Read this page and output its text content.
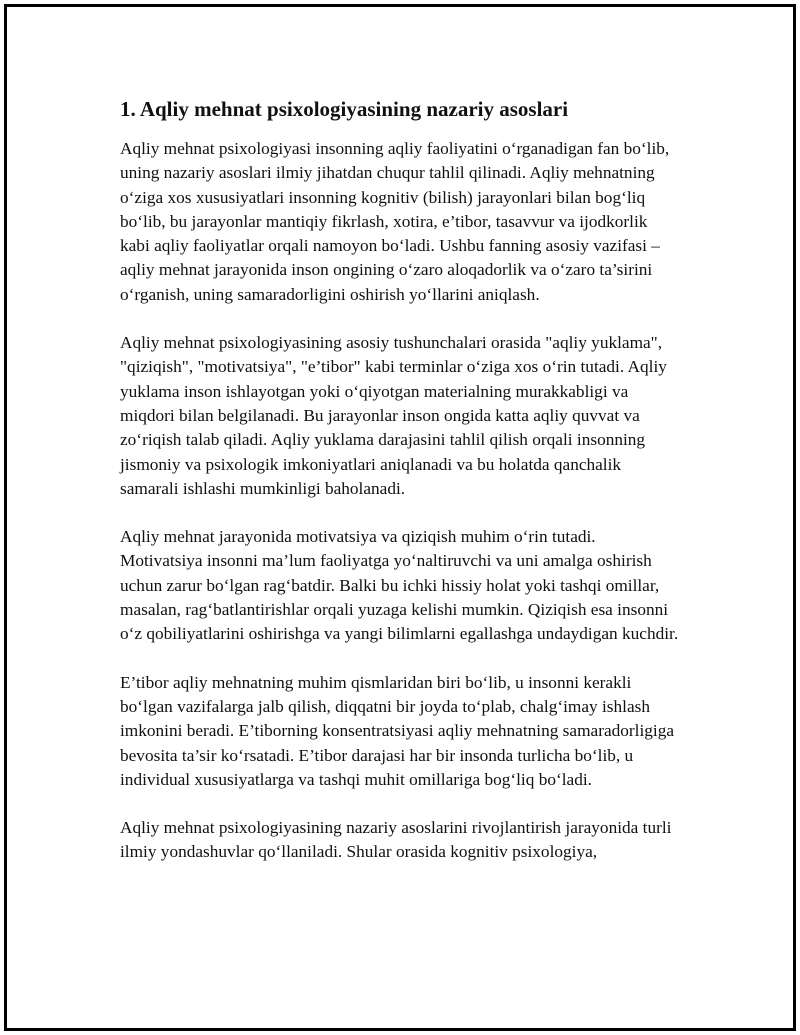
1. Aqliy mehnat psixologiyasining nazariy asoslari

Aqliy mehnat psixologiyasi insonning aqliy faoliyatini o‘rganadigan fan bo‘lib, uning nazariy asoslari ilmiy jihatdan chuqur tahlil qilinadi. Aqliy mehnatning o‘ziga xos xususiyatlari insonning kognitiv (bilish) jarayonlari bilan bog‘liq bo‘lib, bu jarayonlar mantiqiy fikrlash, xotira, e’tibor, tasavvur va ijodkorlik kabi aqliy faoliyatlar orqali namoyon bo‘ladi. Ushbu fanning asosiy vazifasi – aqliy mehnat jarayonida inson ongining o‘zaro aloqadorlik va o‘zaro ta’sirini o‘rganish, uning samaradorligini oshirish yo‘llarini aniqlash.

Aqliy mehnat psixologiyasining asosiy tushunchalari orasida "aqliy yuklama", "qiziqish", "motivatsiya", "e’tibor" kabi terminlar o‘ziga xos o‘rin tutadi. Aqliy yuklama inson ishlayotgan yoki o‘qiyotgan materialning murakkabligi va miqdori bilan belgilanadi. Bu jarayonlar inson ongida katta aqliy quvvat va zo‘riqish talab qiladi. Aqliy yuklama darajasini tahlil qilish orqali insonning jismoniy va psixologik imkoniyatlari aniqlanadi va bu holatda qanchalik samarali ishlashi mumkinligi baholanadi.

Aqliy mehnat jarayonida motivatsiya va qiziqish muhim o‘rin tutadi. Motivatsiya insonni ma’lum faoliyatga yo‘naltiruvchi va uni amalga oshirish uchun zarur bo‘lgan rag‘batdir. Balki bu ichki hissiy holat yoki tashqi omillar, masalan, rag‘batlantirishlar orqali yuzaga kelishi mumkin. Qiziqish esa insonni o‘z qobiliyatlarini oshirishga va yangi bilimlarni egallashga undaydigan kuchdir.

E’tibor aqliy mehnatning muhim qismlaridan biri bo‘lib, u insonni kerakli bo‘lgan vazifalarga jalb qilish, diqqatni bir joyda to‘plab, chalg‘imay ishlash imkonini beradi. E’tiborning konsentratsiyasi aqliy mehnatning samaradorligiga bevosita ta’sir ko‘rsatadi. E’tibor darajasi har bir insonda turlicha bo‘lib, u individual xususiyatlarga va tashqi muhit omillariga bog‘liq bo‘ladi.

Aqliy mehnat psixologiyasining nazariy asoslarini rivojlantirish jarayonida turli ilmiy yondashuvlar qo‘llaniladi. Shular orasida kognitiv psixologiya,
